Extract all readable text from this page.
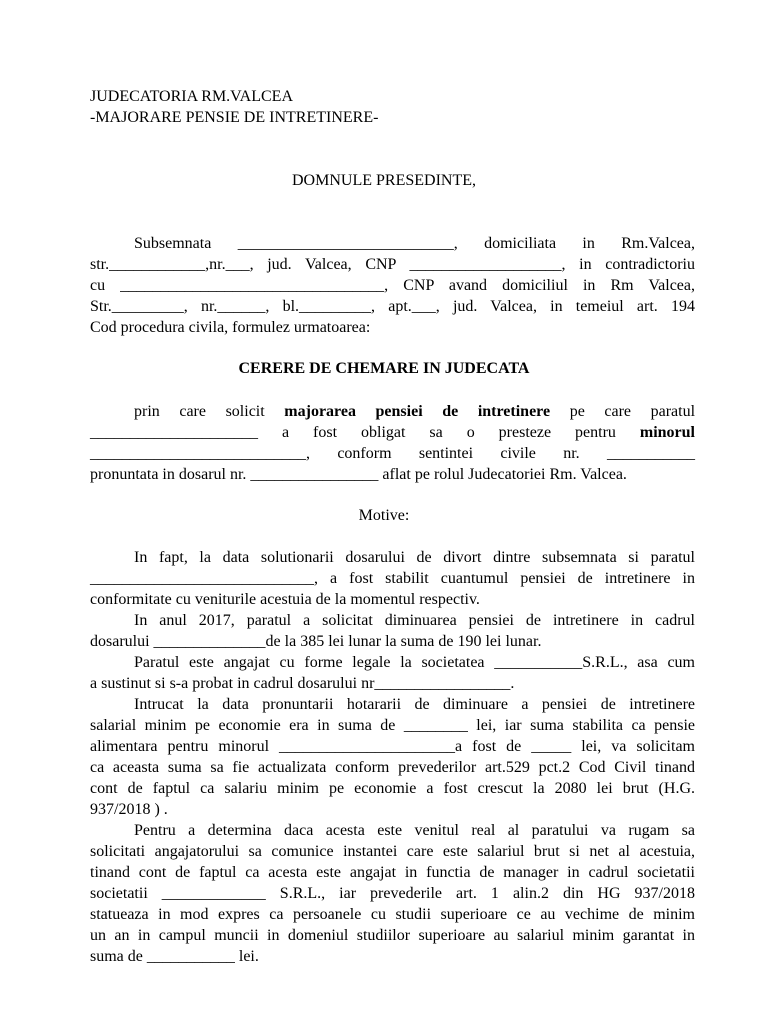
JUDECATORIA RM.VALCEA
-MAJORARE PENSIE DE INTRETINERE-
DOMNULE PRESEDINTE,
Subsemnata ___________________________, domiciliata in Rm.Valcea,
str.____________,nr.___, jud. Valcea, CNP ___________________, in contradictoriu
cu _________________________________, CNP avand domiciliul in Rm Valcea,
Str._________, nr.______, bl._________, apt.___, jud. Valcea, in temeiul art. 194
Cod procedura civila, formulez urmatoarea:
CERERE DE CHEMARE IN JUDECATA
prin care solicit majorarea pensiei de intretinere pe care paratul
_____________________ a fost obligat sa o presteze pentru minorul
___________________________, conform sentintei civile nr. ___________
pronuntata in dosarul nr. ________________ aflat pe rolul Judecatoriei Rm. Valcea.
Motive:
In fapt, la data solutionarii dosarului de divort dintre subsemnata si paratul
____________________________, a fost stabilit cuantumul pensiei de intretinere in
conformitate cu veniturile acestuia de la momentul respectiv.
In anul 2017, paratul a solicitat diminuarea pensiei de intretinere in cadrul
dosarului ______________de la 385 lei lunar la suma de 190 lei lunar.
Paratul este angajat cu forme legale la societatea ___________S.R.L., asa cum
a sustinut si s-a probat in cadrul dosarului nr_________________.
Intrucat la data pronuntarii hotararii de diminuare a pensiei de intretinere
salarial minim pe economie era in suma de ________ lei, iar suma stabilita ca pensie
alimentara pentru minorul ______________________a fost de _____ lei, va solicitam
ca aceasta suma sa fie actualizata conform prevederilor art.529 pct.2 Cod Civil tinand
cont de faptul ca salariu minim pe economie a fost crescut la 2080 lei brut (H.G.
937/2018 ) .
Pentru a determina daca acesta este venitul real al paratului va rugam sa
solicitati angajatorului sa comunice instantei care este salariul brut si net al acestuia,
tinand cont de faptul ca acesta este angajat in functia de manager in cadrul societatii
societatii _____________ S.R.L., iar prevederile art. 1 alin.2 din HG 937/2018
statueaza in mod expres ca persoanele cu studii superioare ce au vechime de minim
un an in campul muncii in domeniul studiilor superioare au salariul minim garantat in
suma de ___________ lei.
